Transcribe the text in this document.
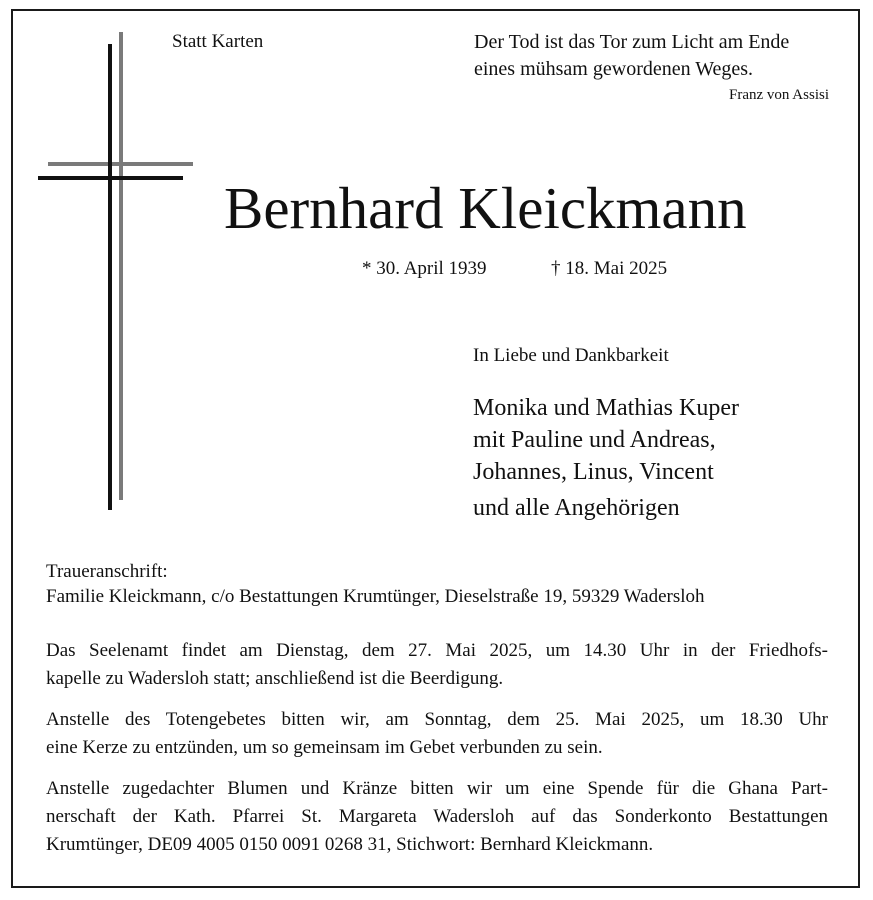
Statt Karten	Der Tod ist das Tor zum Licht am Ende
eines mühsam gewordenen Weges.
Franz von Assisi
Bernhard Kleickmann
* 30. April 1939	† 18. Mai 2025
In Liebe und Dankbarkeit
Monika und Mathias Kuper
mit Pauline und Andreas,
Johannes, Linus, Vincent
und alle Angehörigen
Traueranschrift:
Familie Kleickmann, c/o Bestattungen Krumtünger, Dieselstraße 19, 59329 Wadersloh
Das Seelenamt findet am Dienstag, dem 27. Mai 2025, um 14.30 Uhr in der Friedhofs-
kapelle zu Wadersloh statt; anschließend ist die Beerdigung.
Anstelle des Totengebetes bitten wir, am Sonntag, dem 25. Mai 2025, um 18.30 Uhr
eine Kerze zu entzünden, um so gemeinsam im Gebet verbunden zu sein.
Anstelle zugedachter Blumen und Kränze bitten wir um eine Spende für die Ghana Part-
nerschaft der Kath. Pfarrei St. Margareta Wadersloh auf das Sonderkonto Bestattungen
Krumtünger, DE09 4005 0150 0091 0268 31, Stichwort: Bernhard Kleickmann.
